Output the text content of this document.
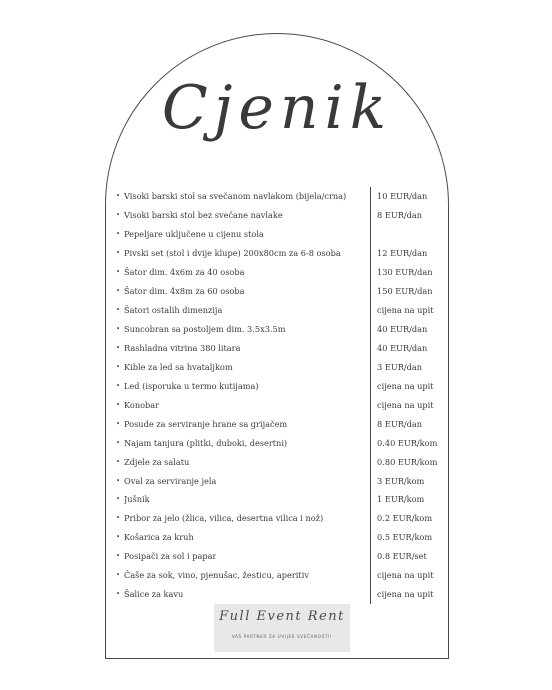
Cjenik
• Visoki barski stol sa svečanom navlakom (bijela/crna)	10 EUR/dan
• Visoki barski stol bez svečane navlake	8 EUR/dan
• Pepeljare uključene u cijenu stola
• Pivski set (stol i dvije klupe) 200x80cm za 6-8 osoba	12 EUR/dan
• Šator dim. 4x6m za 40 osoba	130 EUR/dan
• Šator dim. 4x8m za 60 osoba	150 EUR/dan
• Šatori ostalih dimenzija	cijena na upit
• Suncobran sa postoljem dim. 3.5x3.5m	40 EUR/dan
• Rashladna vitrina 380 litara	40 EUR/dan
• Kible za led sa hvataljkom	3 EUR/dan
• Led (isporuka u termo kutijama)	cijena na upit
• Konobar	cijena na upit
• Posude za serviranje hrane sa grijačem	8 EUR/dan
• Najam tanjura (plitki, duboki, desertni)	0.40 EUR/kom
• Zdjele za salatu	0.80 EUR/kom
• Oval za serviranje jela	3 EUR/kom
• Jušnik	1 EUR/kom
• Pribor za jelo (žlica, vilica, desertna vilica i nož)	0.2 EUR/kom
• Košarica za kruh	0.5 EUR/kom
• Posipači za sol i papar	0.8 EUR/set
• Čaše za sok, vino, pjenušac, žesticu, aperitiv	cijena na upit
• Šalice za kavu	cijena na upit
Full Event Rent
VAŠ PARTNER ZA UVIJEK SVEČANOSTI!
